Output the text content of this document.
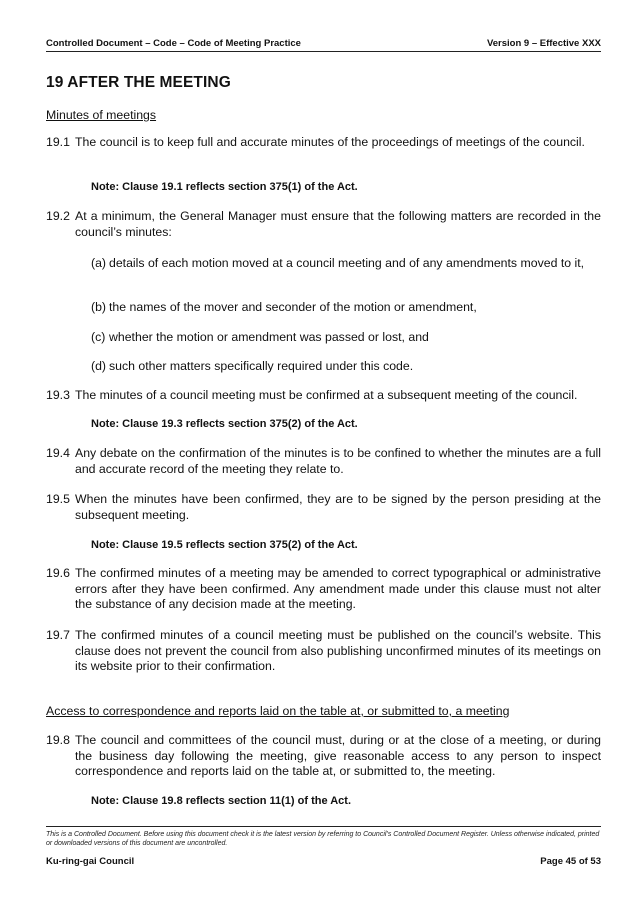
Controlled Document – Code – Code of Meeting Practice	Version 9 – Effective XXX
19 AFTER THE MEETING
Minutes of meetings
19.1 The council is to keep full and accurate minutes of the proceedings of meetings of the council.
Note: Clause 19.1 reflects section 375(1) of the Act.
19.2 At a minimum, the General Manager must ensure that the following matters are recorded in the council’s minutes:
(a) details of each motion moved at a council meeting and of any amendments moved to it,
(b) the names of the mover and seconder of the motion or amendment,
(c) whether the motion or amendment was passed or lost, and
(d) such other matters specifically required under this code.
19.3 The minutes of a council meeting must be confirmed at a subsequent meeting of the council.
Note: Clause 19.3 reflects section 375(2) of the Act.
19.4 Any debate on the confirmation of the minutes is to be confined to whether the minutes are a full and accurate record of the meeting they relate to.
19.5 When the minutes have been confirmed, they are to be signed by the person presiding at the subsequent meeting.
Note: Clause 19.5 reflects section 375(2) of the Act.
19.6 The confirmed minutes of a meeting may be amended to correct typographical or administrative errors after they have been confirmed. Any amendment made under this clause must not alter the substance of any decision made at the meeting.
19.7 The confirmed minutes of a council meeting must be published on the council’s website. This clause does not prevent the council from also publishing unconfirmed minutes of its meetings on its website prior to their confirmation.
Access to correspondence and reports laid on the table at, or submitted to, a meeting
19.8 The council and committees of the council must, during or at the close of a meeting, or during the business day following the meeting, give reasonable access to any person to inspect correspondence and reports laid on the table at, or submitted to, the meeting.
Note: Clause 19.8 reflects section 11(1) of the Act.
This is a Controlled Document. Before using this document check it is the latest version by referring to Council’s Controlled Document Register. Unless otherwise indicated, printed or downloaded versions of this document are uncontrolled.
Ku-ring-gai Council	Page 45 of 53
